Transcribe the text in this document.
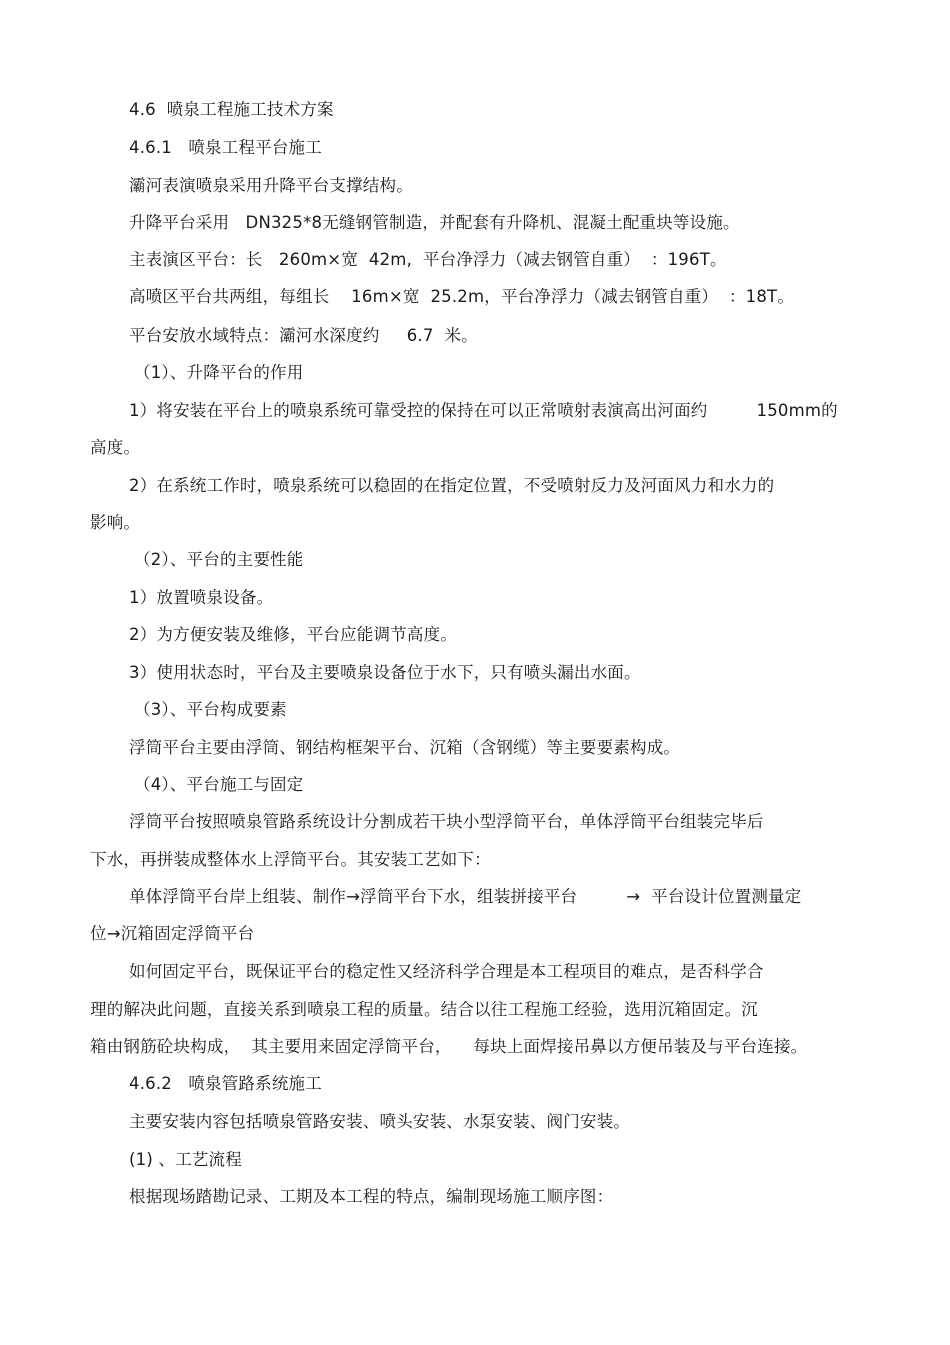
4.6  喷泉工程施工技术方案
4.6.1   喷泉工程平台施工
灞河表演喷泉采用升降平台支撑结构。
升降平台采用   DN325*8无缝钢管制造，并配套有升降机、混凝土配重块等设施。
主表演区平台：长   260m×宽  42m,  平台净浮力（减去钢管自重）  ：196T。
高喷区平台共两组，每组长    16m×宽  25.2m，平台净浮力（减去钢管自重）  ：18T。
平台安放水域特点：灞河水深度约     6.7  米。
（1）、升降平台的作用
1）将安装在平台上的喷泉系统可靠受控的保持在可以正常喷射表演高出河面约         150mm的
高度。
2）在系统工作时，喷泉系统可以稳固的在指定位置，不受喷射反力及河面风力和水力的
影响。
（2）、平台的主要性能
1）放置喷泉设备。
2）为方便安装及维修，平台应能调节高度。
3）使用状态时，平台及主要喷泉设备位于水下，只有喷头漏出水面。
（3）、平台构成要素
浮筒平台主要由浮筒、钢结构框架平台、沉箱（含钢缆）等主要要素构成。
（4）、平台施工与固定
浮筒平台按照喷泉管路系统设计分割成若干块小型浮筒平台，单体浮筒平台组装完毕后
下水，再拼装成整体水上浮筒平台。其安装工艺如下：
单体浮筒平台岸上组装、制作→浮筒平台下水，组装拼接平台         →  平台设计位置测量定
位→沉箱固定浮筒平台
如何固定平台，既保证平台的稳定性又经济科学合理是本工程项目的难点，是否科学合
理的解决此问题，直接关系到喷泉工程的质量。结合以往工程施工经验，选用沉箱固定。沉
箱由钢筋砼块构成，  其主要用来固定浮筒平台，    每块上面焊接吊鼻以方便吊装及与平台连接。
4.6.2   喷泉管路系统施工
主要安装内容包括喷泉管路安装、喷头安装、水泵安装、阀门安装。
(1) 、工艺流程
根据现场踏勘记录、工期及本工程的特点，编制现场施工顺序图：
